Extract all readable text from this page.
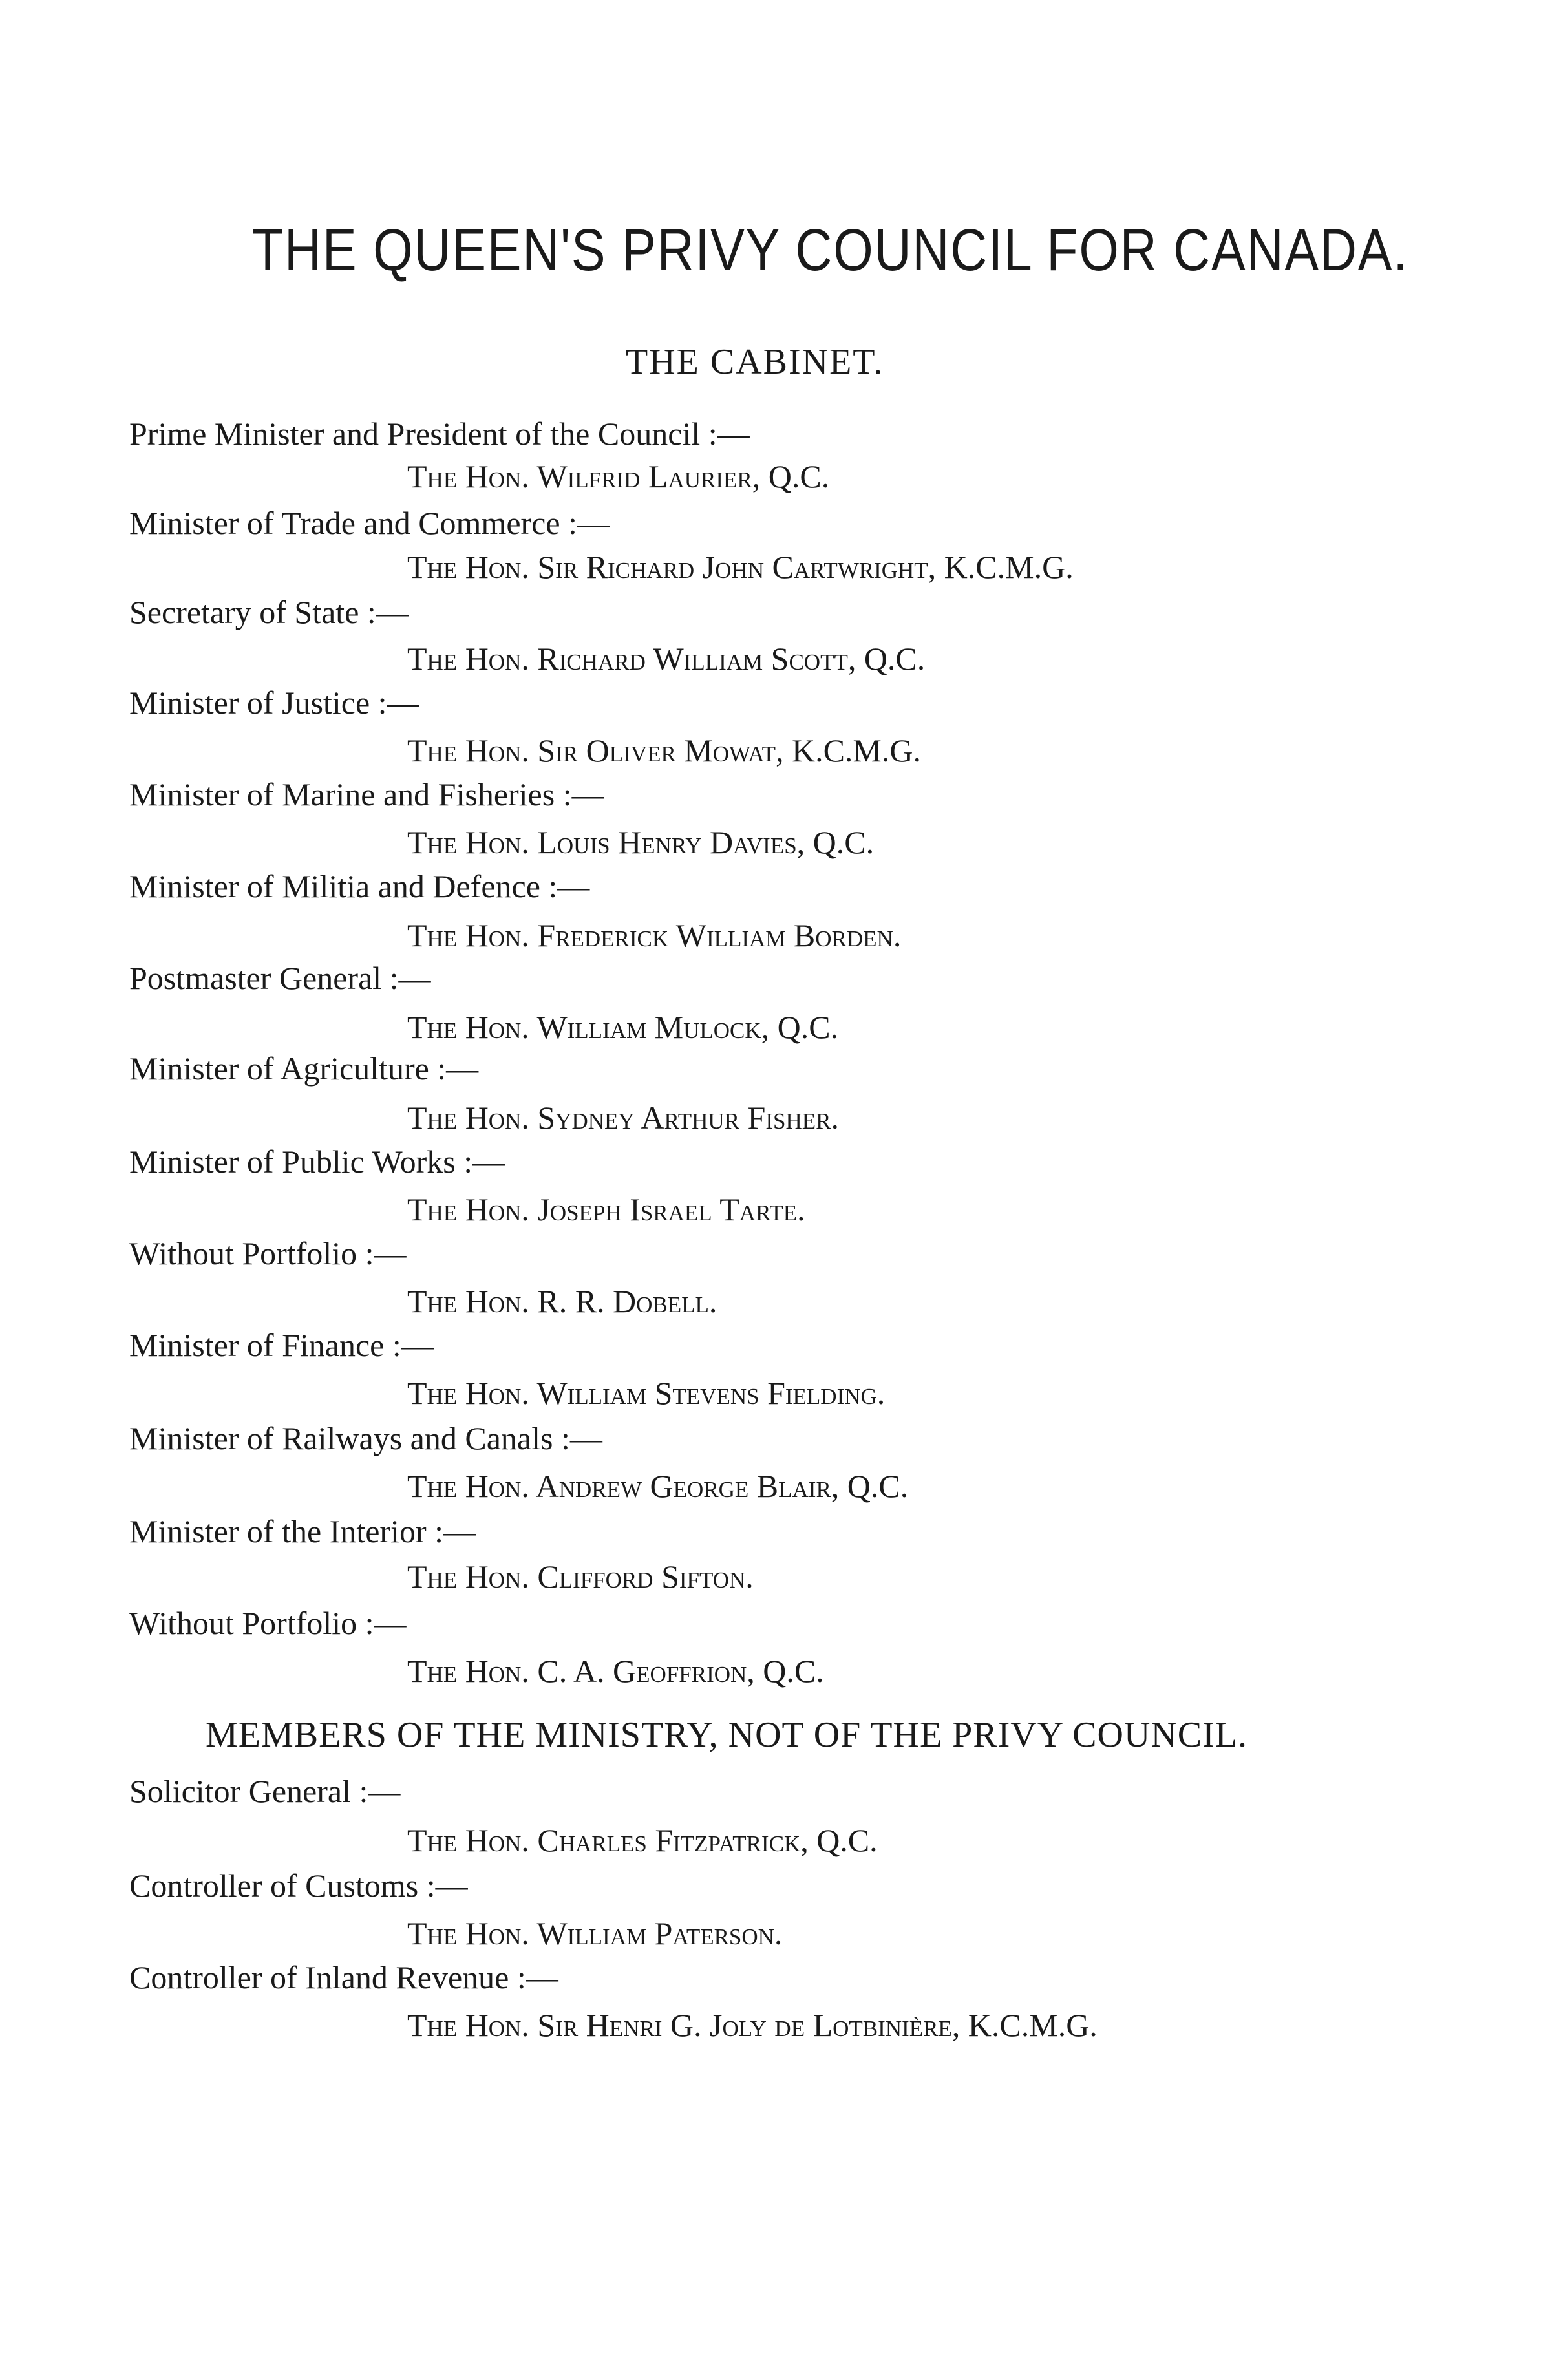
THE QUEEN'S PRIVY COUNCIL FOR CANADA.
THE CABINET.
Prime Minister and President of the Council :—
The Hon. Wilfrid Laurier, Q.C.
Minister of Trade and Commerce :—
The Hon. Sir Richard John Cartwright, K.C.M.G.
Secretary of State :—
The Hon. Richard William Scott, Q.C.
Minister of Justice :—
The Hon. Sir Oliver Mowat, K.C.M.G.
Minister of Marine and Fisheries :—
The Hon. Louis Henry Davies, Q.C.
Minister of Militia and Defence :—
The Hon. Frederick William Borden.
Postmaster General :—
The Hon. William Mulock, Q.C.
Minister of Agriculture :—
The Hon. Sydney Arthur Fisher.
Minister of Public Works :—
The Hon. Joseph Israel Tarte.
Without Portfolio :—
The Hon. R. R. Dobell.
Minister of Finance :—
The Hon. William Stevens Fielding.
Minister of Railways and Canals :—
The Hon. Andrew George Blair, Q.C.
Minister of the Interior :—
The Hon. Clifford Sifton.
Without Portfolio :—
The Hon. C. A. Geoffrion, Q.C.
MEMBERS OF THE MINISTRY, NOT OF THE PRIVY COUNCIL.
Solicitor General :—
The Hon. Charles Fitzpatrick, Q.C.
Controller of Customs :—
The Hon. William Paterson.
Controller of Inland Revenue :—
The Hon. Sir Henri G. Joly de Lotbinière, K.C.M.G.
